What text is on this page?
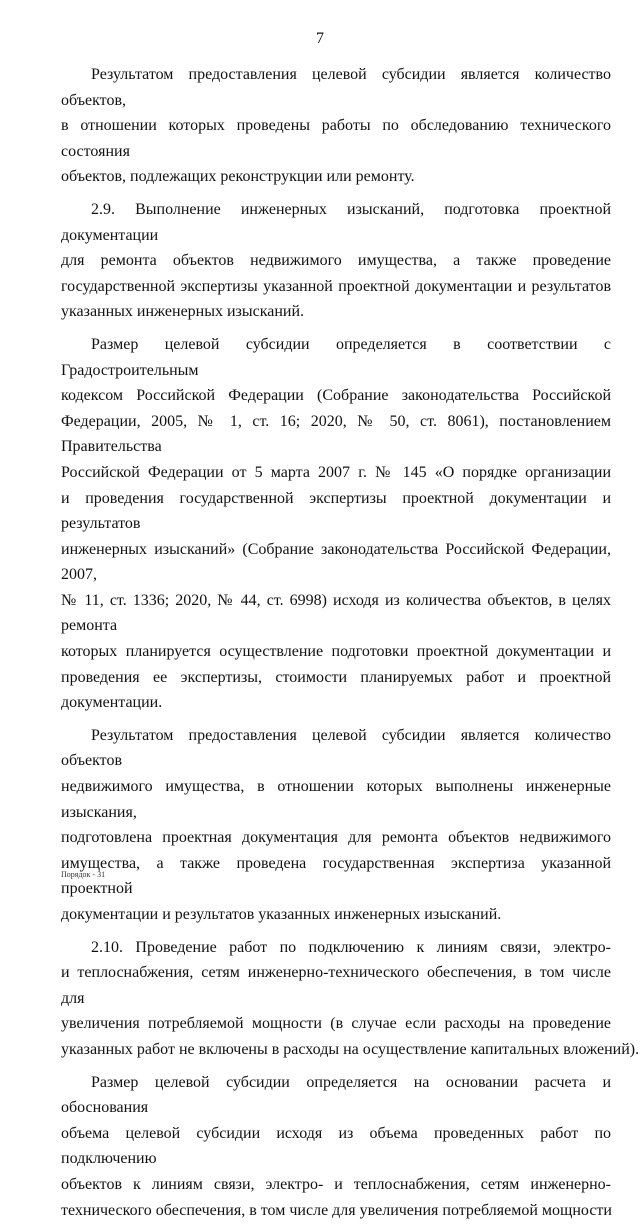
7

Результатом предоставления целевой субсидии является количество объектов,
в отношении которых проведены работы по обследованию технического состояния
объектов, подлежащих реконструкции или ремонту.

2.9. Выполнение инженерных изысканий, подготовка проектной документации
для ремонта объектов недвижимого имущества, а также проведение
государственной экспертизы указанной проектной документации и результатов
указанных инженерных изысканий.

Размер целевой субсидии определяется в соответствии с Градостроительным
кодексом Российской Федерации (Собрание законодательства Российской
Федерации, 2005, № 1, ст. 16; 2020, № 50, ст. 8061), постановлением Правительства
Российской Федерации от 5 марта 2007 г. № 145 «О порядке организации
и проведения государственной экспертизы проектной документации и результатов
инженерных изысканий» (Собрание законодательства Российской Федерации, 2007,
№ 11, ст. 1336; 2020, № 44, ст. 6998) исходя из количества объектов, в целях ремонта
которых планируется осуществление подготовки проектной документации и
проведения ее экспертизы, стоимости планируемых работ и проектной
документации.

Результатом предоставления целевой субсидии является количество объектов
недвижимого имущества, в отношении которых выполнены инженерные изыскания,
подготовлена проектная документация для ремонта объектов недвижимого
имущества, а также проведена государственная экспертиза указанной проектной
документации и результатов указанных инженерных изысканий.

2.10. Проведение работ по подключению к линиям связи, электро-
и теплоснабжения, сетям инженерно-технического обеспечения, в том числе для
увеличения потребляемой мощности (в случае если расходы на проведение
указанных работ не включены в расходы на осуществление капитальных вложений).

Размер целевой субсидии определяется на основании расчета и обоснования
объема целевой субсидии исходя из объема проведенных работ по подключению
объектов к линиям связи, электро- и теплоснабжения, сетям инженерно-
технического обеспечения, в том числе для увеличения потребляемой мощности

Порядок - 31
